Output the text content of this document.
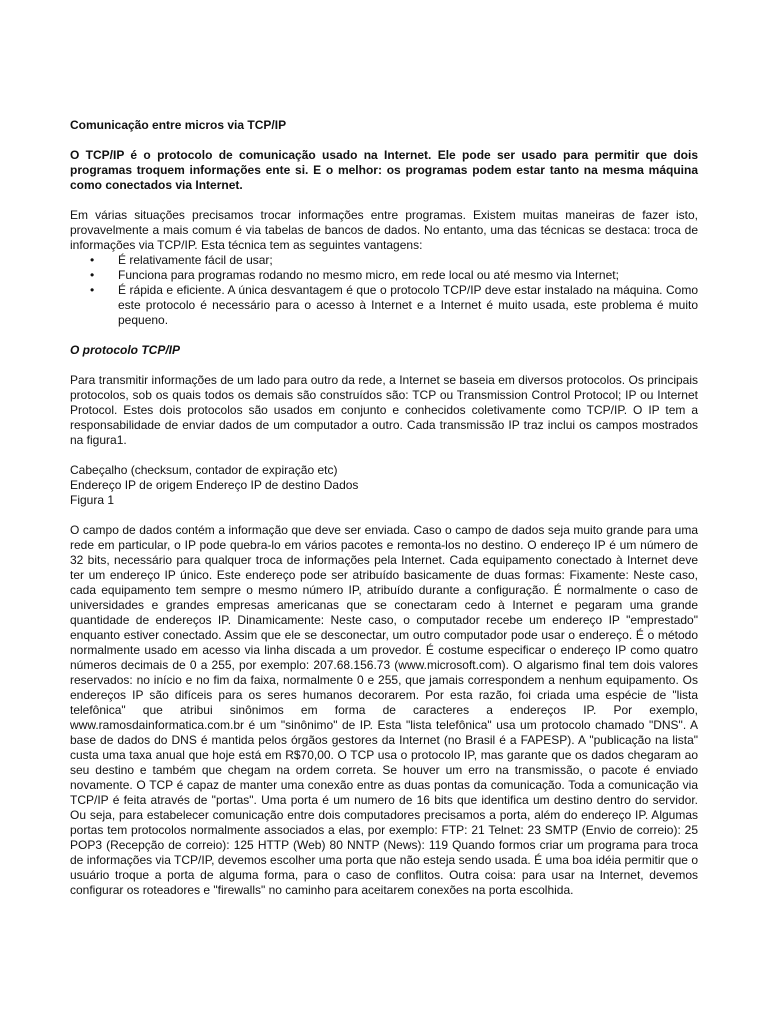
Comunicação entre micros via TCP/IP

O TCP/IP é o protocolo de comunicação usado na Internet. Ele pode ser usado para permitir que dois programas troquem informações ente si. E o melhor: os programas podem estar tanto na mesma máquina como conectados via Internet.

Em várias situações precisamos trocar informações entre programas. Existem muitas maneiras de fazer isto, provavelmente a mais comum é via tabelas de bancos de dados. No entanto, uma das técnicas se destaca: troca de informações via TCP/IP. Esta técnica tem as seguintes vantagens:

• É relativamente fácil de usar;
• Funciona para programas rodando no mesmo micro, em rede local ou até mesmo via Internet;
• É rápida e eficiente. A única desvantagem é que o protocolo TCP/IP deve estar instalado na máquina. Como este protocolo é necessário para o acesso à Internet e a Internet é muito usada, este problema é muito pequeno.

O protocolo TCP/IP

Para transmitir informações de um lado para outro da rede, a Internet se baseia em diversos protocolos. Os principais protocolos, sob os quais todos os demais são construídos são: TCP ou Transmission Control Protocol; IP ou Internet Protocol. Estes dois protocolos são usados em conjunto e conhecidos coletivamente como TCP/IP. O IP tem a responsabilidade de enviar dados de um computador a outro. Cada transmissão IP traz inclui os campos mostrados na figura1.

Cabeçalho (checksum, contador de expiração etc)

Endereço IP de origem Endereço IP de destino Dados

Figura 1

O campo de dados contém a informação que deve ser enviada. Caso o campo de dados seja muito grande para uma rede em particular, o IP pode quebra-lo em vários pacotes e remonta-los no destino. O endereço IP é um número de 32 bits, necessário para qualquer troca de informações pela Internet. Cada equipamento conectado à Internet deve ter um endereço IP único. Este endereço pode ser atribuído basicamente de duas formas: Fixamente: Neste caso, cada equipamento tem sempre o mesmo número IP, atribuído durante a configuração. É normalmente o caso de universidades e grandes empresas americanas que se conectaram cedo à Internet e pegaram uma grande quantidade de endereços IP. Dinamicamente: Neste caso, o computador recebe um endereço IP "emprestado" enquanto estiver conectado. Assim que ele se desconectar, um outro computador pode usar o endereço. É o método normalmente usado em acesso via linha discada a um provedor. É costume especificar o endereço IP como quatro números decimais de 0 a 255, por exemplo: 207.68.156.73 (www.microsoft.com). O algarismo final tem dois valores reservados: no início e no fim da faixa, normalmente 0 e 255, que jamais correspondem a nenhum equipamento. Os endereços IP são difíceis para os seres humanos decorarem. Por esta razão, foi criada uma espécie de "lista telefônica" que atribui sinônimos em forma de caracteres a endereços IP. Por exemplo, www.ramosdainformatica.com.br é um "sinônimo" de IP. Esta "lista telefônica" usa um protocolo chamado "DNS". A base de dados do DNS é mantida pelos órgãos gestores da Internet (no Brasil é a FAPESP). A "publicação na lista" custa uma taxa anual que hoje está em R$70,00. O TCP usa o protocolo IP, mas garante que os dados chegaram ao seu destino e também que chegam na ordem correta. Se houver um erro na transmissão, o pacote é enviado novamente. O TCP é capaz de manter uma conexão entre as duas pontas da comunicação. Toda a comunicação via TCP/IP é feita através de "portas". Uma porta é um numero de 16 bits que identifica um destino dentro do servidor. Ou seja, para estabelecer comunicação entre dois computadores precisamos a porta, além do endereço IP. Algumas portas tem protocolos normalmente associados a elas, por exemplo: FTP: 21 Telnet: 23 SMTP (Envio de correio): 25 POP3 (Recepção de correio): 125 HTTP (Web) 80 NNTP (News): 119 Quando formos criar um programa para troca de informações via TCP/IP, devemos escolher uma porta que não esteja sendo usada. É uma boa idéia permitir que o usuário troque a porta de alguma forma, para o caso de conflitos. Outra coisa: para usar na Internet, devemos configurar os roteadores e "firewalls" no caminho para aceitarem conexões na porta escolhida.
